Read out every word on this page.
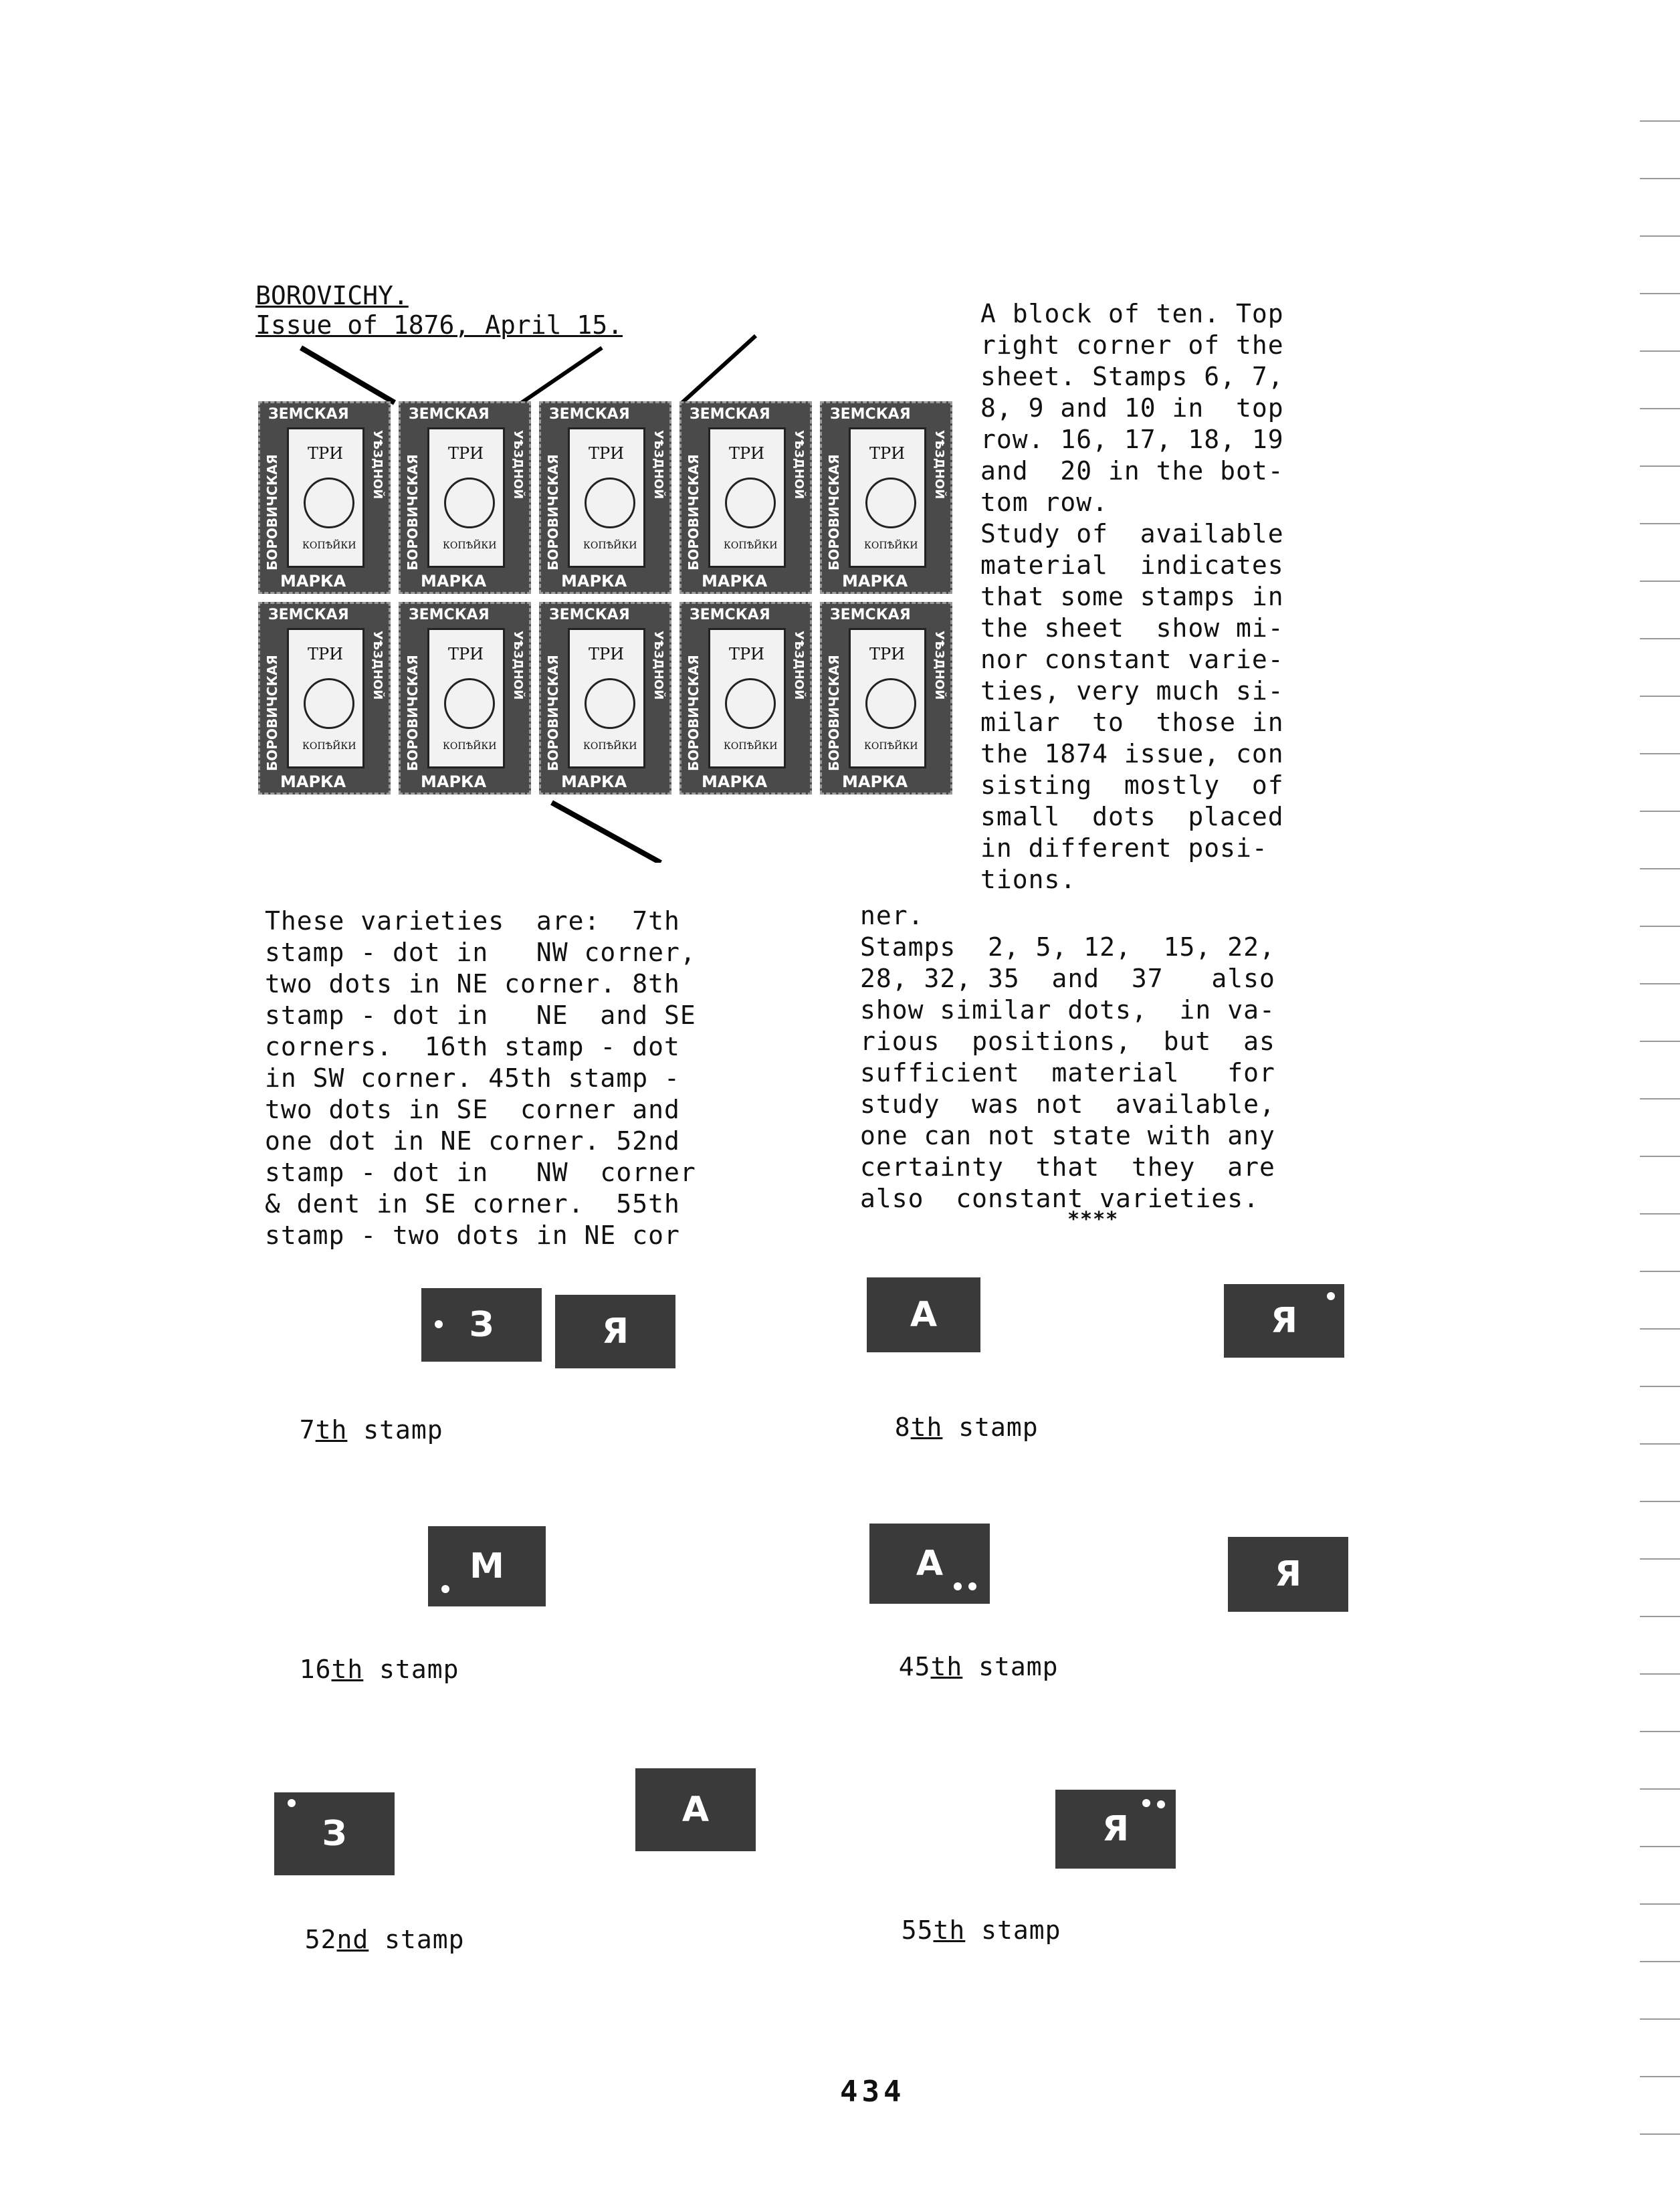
BOROVICHY.
Issue of 1876, April 15.
ЗЕМСКАЯ
БОРОВИЧСКАЯ	УѢЗДНОЙ
ТРИ
КОПѢЙКИ
МАРКА
ЗЕМСКАЯ
БОРОВИЧСКАЯ	УѢЗДНОЙ
ТРИ
КОПѢЙКИ
МАРКА
ЗЕМСКАЯ
БОРОВИЧСКАЯ	УѢЗДНОЙ
ТРИ
КОПѢЙКИ
МАРКА
ЗЕМСКАЯ
БОРОВИЧСКАЯ	УѢЗДНОЙ
ТРИ
КОПѢЙКИ
МАРКА
ЗЕМСКАЯ
БОРОВИЧСКАЯ	УѢЗДНОЙ
ТРИ
КОПѢЙКИ
МАРКА
ЗЕМСКАЯ
БОРОВИЧСКАЯ	УѢЗДНОЙ
ТРИ
КОПѢЙКИ
МАРКА
ЗЕМСКАЯ
БОРОВИЧСКАЯ	УѢЗДНОЙ
ТРИ
КОПѢЙКИ
МАРКА
ЗЕМСКАЯ
БОРОВИЧСКАЯ	УѢЗДНОЙ
ТРИ
КОПѢЙКИ
МАРКА
ЗЕМСКАЯ
БОРОВИЧСКАЯ	УѢЗДНОЙ
ТРИ
КОПѢЙКИ
МАРКА
ЗЕМСКАЯ
БОРОВИЧСКАЯ	УѢЗДНОЙ
ТРИ
КОПѢЙКИ
МАРКА
A block of ten. Top
right corner of the
sheet. Stamps 6, 7,
8, 9 and 10 in  top
row. 16, 17, 18, 19
and  20 in the bot-
tom row.
Study of  available
material  indicates
that some stamps in
the sheet  show mi-
nor constant varie-
ties, very much si-
milar  to  those in
the 1874 issue, con
sisting  mostly  of
small  dots  placed
in different posi-
tions.
These varieties  are:  7th
stamp - dot in   NW corner,
two dots in NE corner. 8th
stamp - dot in   NE  and SE
corners.  16th stamp - dot
in SW corner. 45th stamp -
two dots in SE  corner and
one dot in NE corner. 52nd
stamp - dot in   NW  corner
& dent in SE corner.  55th
stamp - two dots in NE cor
ner.
Stamps  2, 5, 12,  15, 22,
28, 32, 35  and  37   also
show similar dots,  in va-
rious  positions,  but  as
sufficient  material   for
study  was not  available,
one can not state with any
certainty  that  they  are
also  constant varieties.
****
З	Я

7th stamp

А	Я

8th stamp

М

16th stamp

А	Я

45th stamp

З
А

52nd stamp

Я

55th stamp

434
